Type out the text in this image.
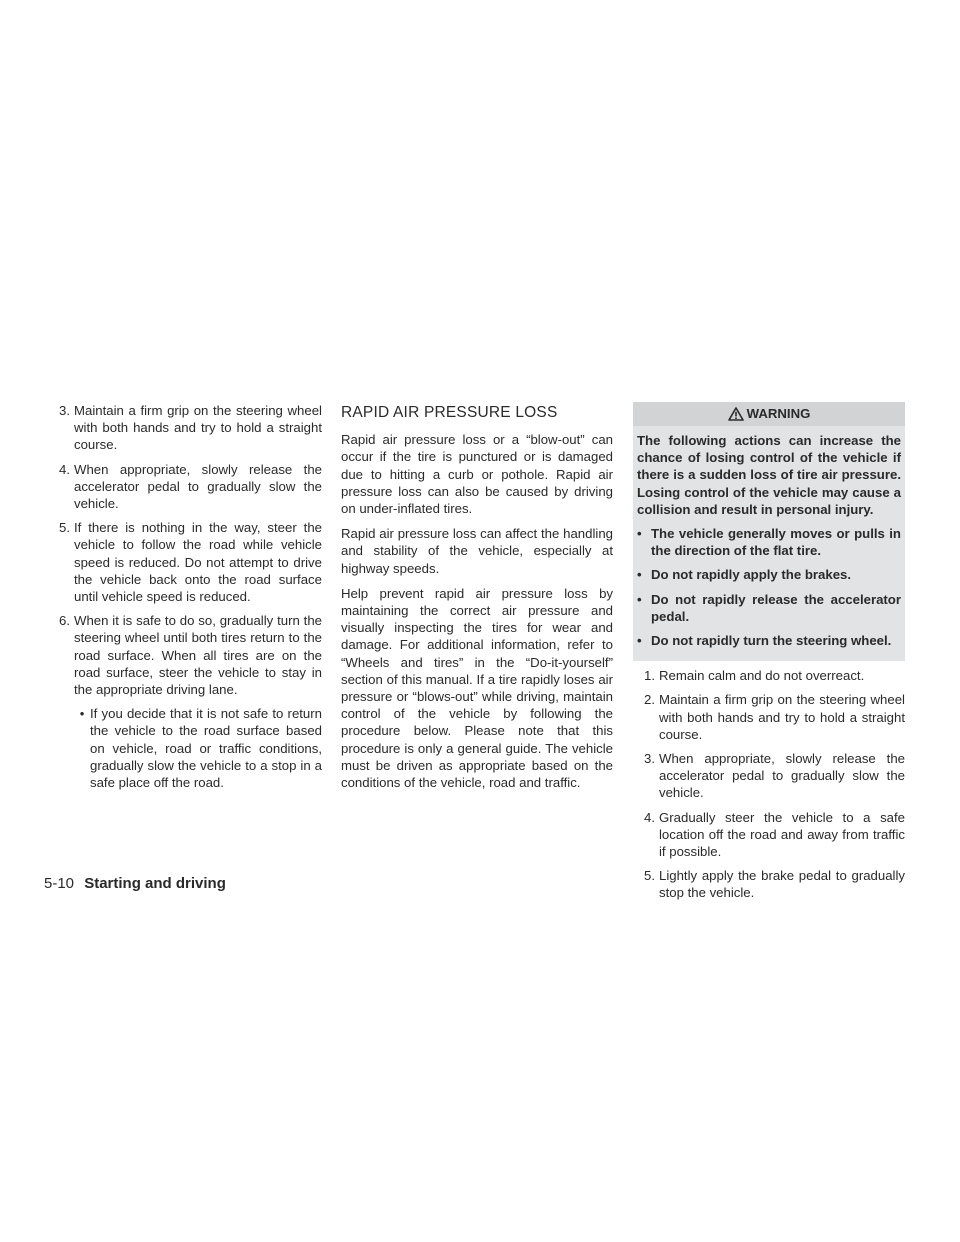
3. Maintain a firm grip on the steering wheel with both hands and try to hold a straight course.
4. When appropriate, slowly release the accelerator pedal to gradually slow the vehicle.
5. If there is nothing in the way, steer the vehicle to follow the road while vehicle speed is reduced. Do not attempt to drive the vehicle back onto the road surface until vehicle speed is reduced.
6. When it is safe to do so, gradually turn the steering wheel until both tires return to the road surface. When all tires are on the road surface, steer the vehicle to stay in the appropriate driving lane.
• If you decide that it is not safe to return the vehicle to the road surface based on vehicle, road or traffic conditions, gradually slow the vehicle to a stop in a safe place off the road.
RAPID AIR PRESSURE LOSS

Rapid air pressure loss or a “blow-out” can occur if the tire is punctured or is damaged due to hitting a curb or pothole. Rapid air pressure loss can also be caused by driving on under-inflated tires.

Rapid air pressure loss can affect the handling and stability of the vehicle, especially at highway speeds.

Help prevent rapid air pressure loss by maintaining the correct air pressure and visually inspecting the tires for wear and damage. For additional information, refer to “Wheels and tires” in the “Do-it-yourself” section of this manual. If a tire rapidly loses air pressure or “blows-out” while driving, maintain control of the vehicle by following the procedure below. Please note that this procedure is only a general guide. The vehicle must be driven as appropriate based on the conditions of the vehicle, road and traffic.

WARNING
The following actions can increase the chance of losing control of the vehicle if there is a sudden loss of tire air pressure. Losing control of the vehicle may cause a collision and result in personal injury.
• The vehicle generally moves or pulls in the direction of the flat tire.
• Do not rapidly apply the brakes.
• Do not rapidly release the accelerator pedal.
• Do not rapidly turn the steering wheel.
1. Remain calm and do not overreact.
2. Maintain a firm grip on the steering wheel with both hands and try to hold a straight course.
3. When appropriate, slowly release the accelerator pedal to gradually slow the vehicle.
4. Gradually steer the vehicle to a safe location off the road and away from traffic if possible.
5. Lightly apply the brake pedal to gradually stop the vehicle.
5-10 Starting and driving
